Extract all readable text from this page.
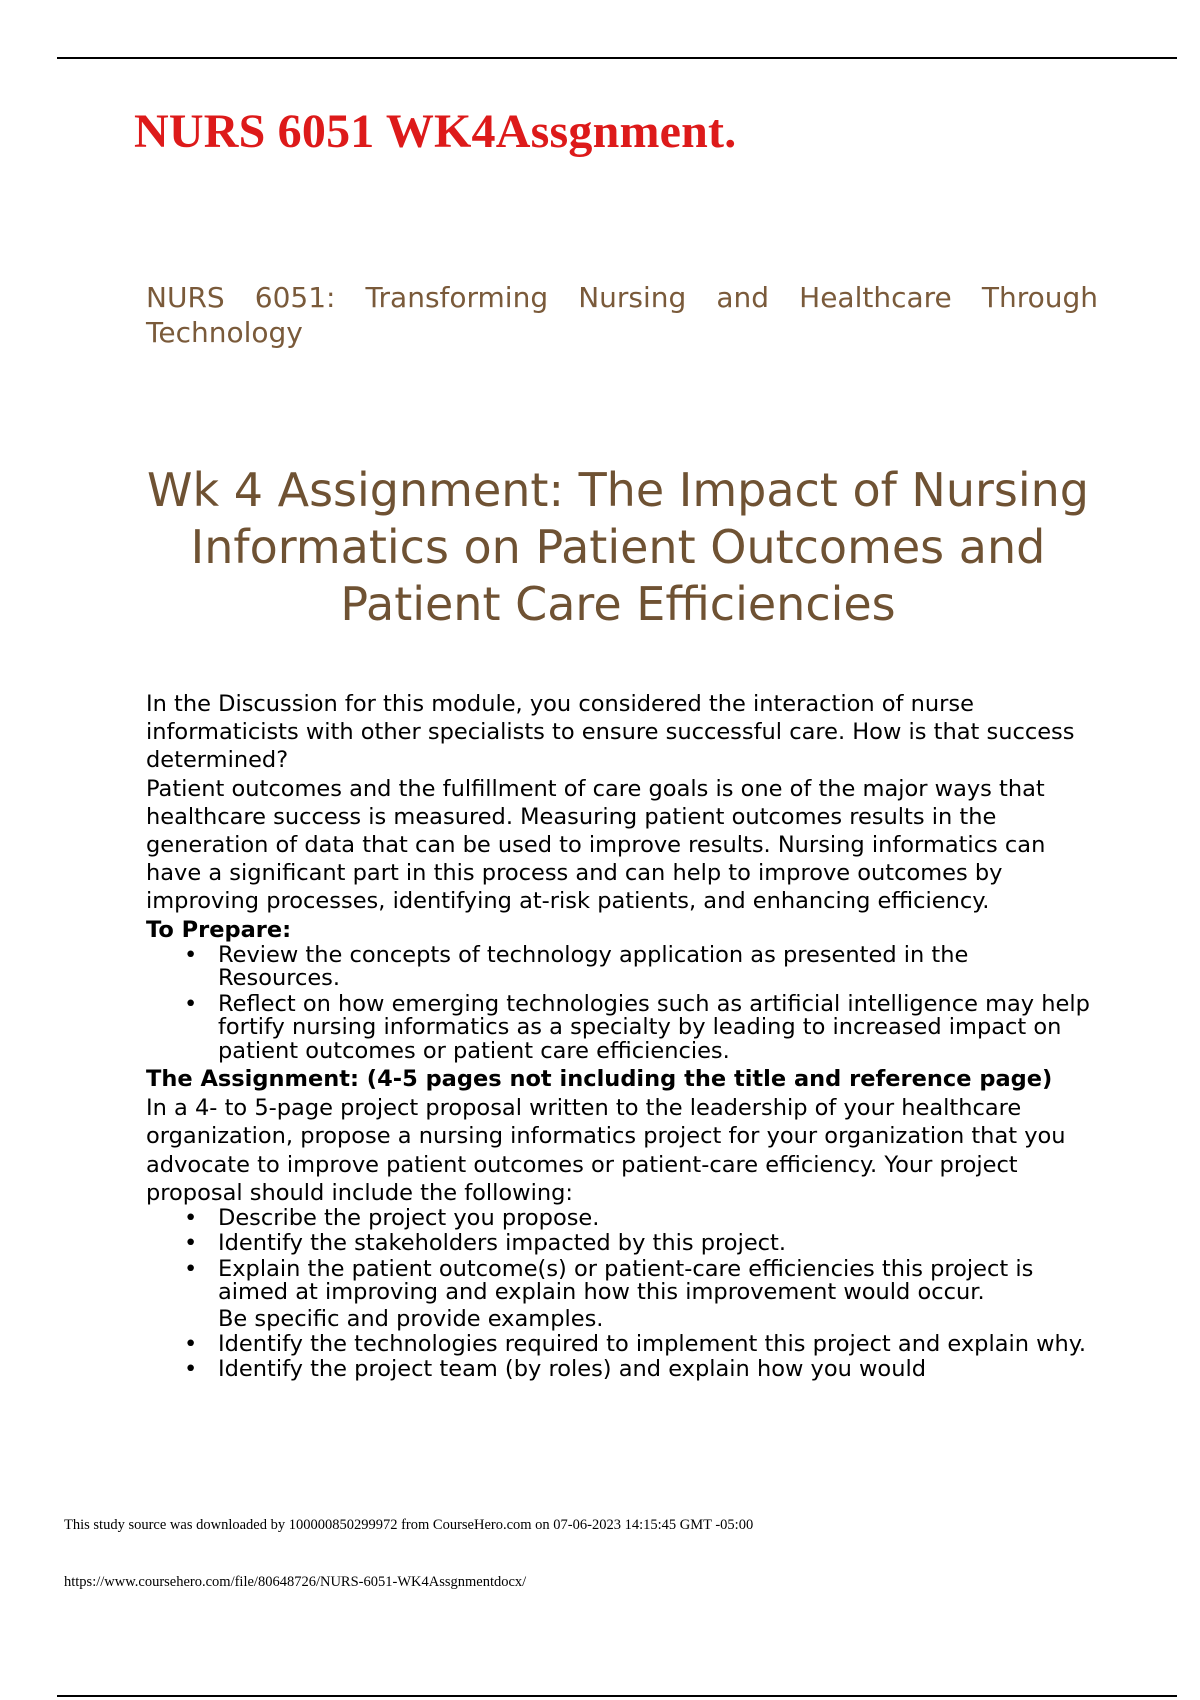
NURS 6051 WK4Assgnment.
NURS 6051: Transforming Nursing and Healthcare Through Technology
Wk 4 Assignment: The Impact of Nursing Informatics on Patient Outcomes and Patient Care Efficiencies

In the Discussion for this module, you considered the interaction of nurse informaticists with other specialists to ensure successful care. How is that success determined?

Patient outcomes and the fulfillment of care goals is one of the major ways that healthcare success is measured. Measuring patient outcomes results in the generation of data that can be used to improve results. Nursing informatics can have a significant part in this process and can help to improve outcomes by improving processes, identifying at-risk patients, and enhancing efficiency.

To Prepare:

• Review the concepts of technology application as presented in the Resources.
• Reflect on how emerging technologies such as artificial intelligence may help fortify nursing informatics as a specialty by leading to increased impact on patient outcomes or patient care efficiencies.

The Assignment: (4-5 pages not including the title and reference page)

In a 4- to 5-page project proposal written to the leadership of your healthcare organization, propose a nursing informatics project for your organization that you advocate to improve patient outcomes or patient-care efficiency. Your project proposal should include the following:

• Describe the project you propose.
• Identify the stakeholders impacted by this project.
• Explain the patient outcome(s) or patient-care efficiencies this project is aimed at improving and explain how this improvement would occur.
Be specific and provide examples.
• Identify the technologies required to implement this project and explain why.
• Identify the project team (by roles) and explain how you would

This study source was downloaded by 100000850299972 from CourseHero.com on 07-06-2023 14:15:45 GMT -05:00

https://www.coursehero.com/file/80648726/NURS-6051-WK4Assgnmentdocx/
